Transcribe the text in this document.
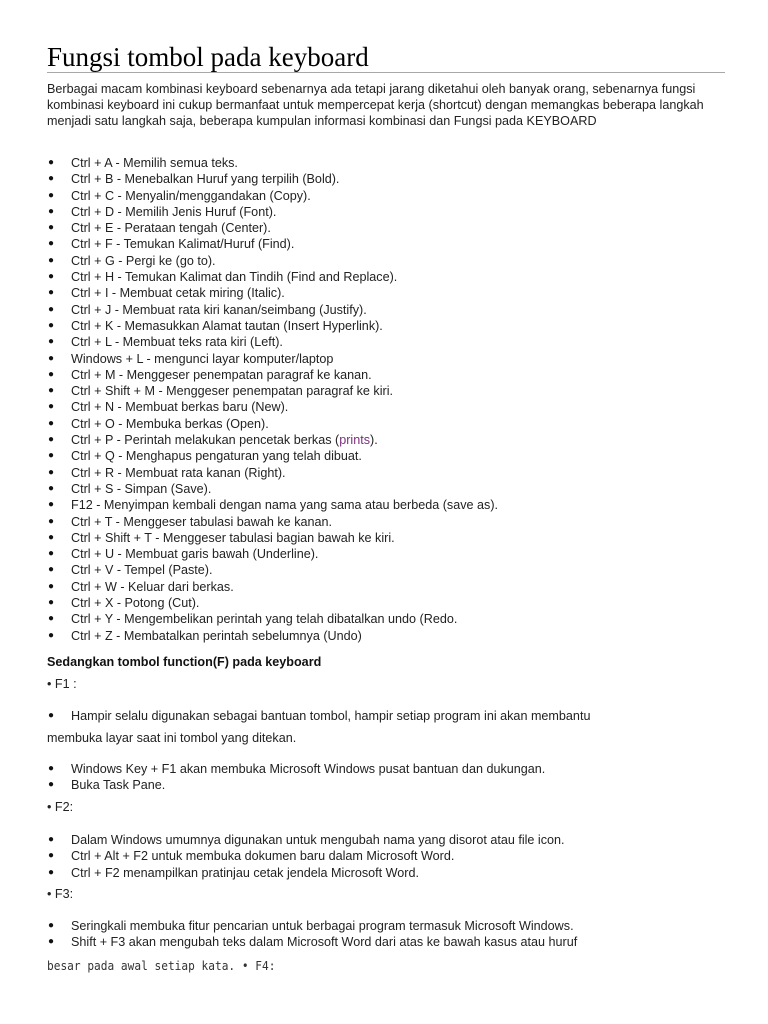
Fungsi tombol pada keyboard
Berbagai macam kombinasi keyboard sebenarnya ada tetapi jarang diketahui oleh banyak orang, sebenarnya fungsi kombinasi keyboard ini cukup bermanfaat untuk mempercepat kerja (shortcut) dengan memangkas beberapa langkah menjadi satu langkah saja, beberapa kumpulan informasi kombinasi dan Fungsi pada KEYBOARD
● Ctrl + A - Memilih semua teks.
● Ctrl + B - Menebalkan Huruf yang terpilih (Bold).
● Ctrl + C - Menyalin/menggandakan (Copy).
● Ctrl + D - Memilih Jenis Huruf (Font).
● Ctrl + E - Perataan tengah (Center).
● Ctrl + F - Temukan Kalimat/Huruf (Find).
● Ctrl + G - Pergi ke (go to).
● Ctrl + H - Temukan Kalimat dan Tindih (Find and Replace).
● Ctrl + I - Membuat cetak miring (Italic).
● Ctrl + J - Membuat rata kiri kanan/seimbang (Justify).
● Ctrl + K - Memasukkan Alamat tautan (Insert Hyperlink).
● Ctrl + L - Membuat teks rata kiri (Left).
● Windows + L - mengunci layar komputer/laptop
● Ctrl + M - Menggeser penempatan paragraf ke kanan.
● Ctrl + Shift + M - Menggeser penempatan paragraf ke kiri.
● Ctrl + N - Membuat berkas baru (New).
● Ctrl + O - Membuka berkas (Open).
● Ctrl + P - Perintah melakukan pencetak berkas (prints).
● Ctrl + Q - Menghapus pengaturan yang telah dibuat.
● Ctrl + R - Membuat rata kanan (Right).
● Ctrl + S - Simpan (Save).
● F12 - Menyimpan kembali dengan nama yang sama atau berbeda (save as).
● Ctrl + T - Menggeser tabulasi bawah ke kanan.
● Ctrl + Shift + T - Menggeser tabulasi bagian bawah ke kiri.
● Ctrl + U - Membuat garis bawah (Underline).
● Ctrl + V - Tempel (Paste).
● Ctrl + W - Keluar dari berkas.
● Ctrl + X - Potong (Cut).
● Ctrl + Y - Mengembelikan perintah yang telah dibatalkan undo (Redo.
● Ctrl + Z - Membatalkan perintah sebelumnya (Undo)
Sedangkan tombol function(F) pada keyboard
• F1 :
● Hampir selalu digunakan sebagai bantuan tombol, hampir setiap program ini akan membantu
membuka layar saat ini tombol yang ditekan.
● Windows Key + F1 akan membuka Microsoft Windows pusat bantuan dan dukungan.
● Buka Task Pane.
• F2:
● Dalam Windows umumnya digunakan untuk mengubah nama yang disorot atau file icon.
● Ctrl + Alt + F2 untuk membuka dokumen baru dalam Microsoft Word.
● Ctrl + F2 menampilkan pratinjau cetak jendela Microsoft Word.
• F3:
● Seringkali membuka fitur pencarian untuk berbagai program termasuk Microsoft Windows.
● Shift + F3 akan mengubah teks dalam Microsoft Word dari atas ke bawah kasus atau huruf
besar pada awal setiap kata. • F4:
